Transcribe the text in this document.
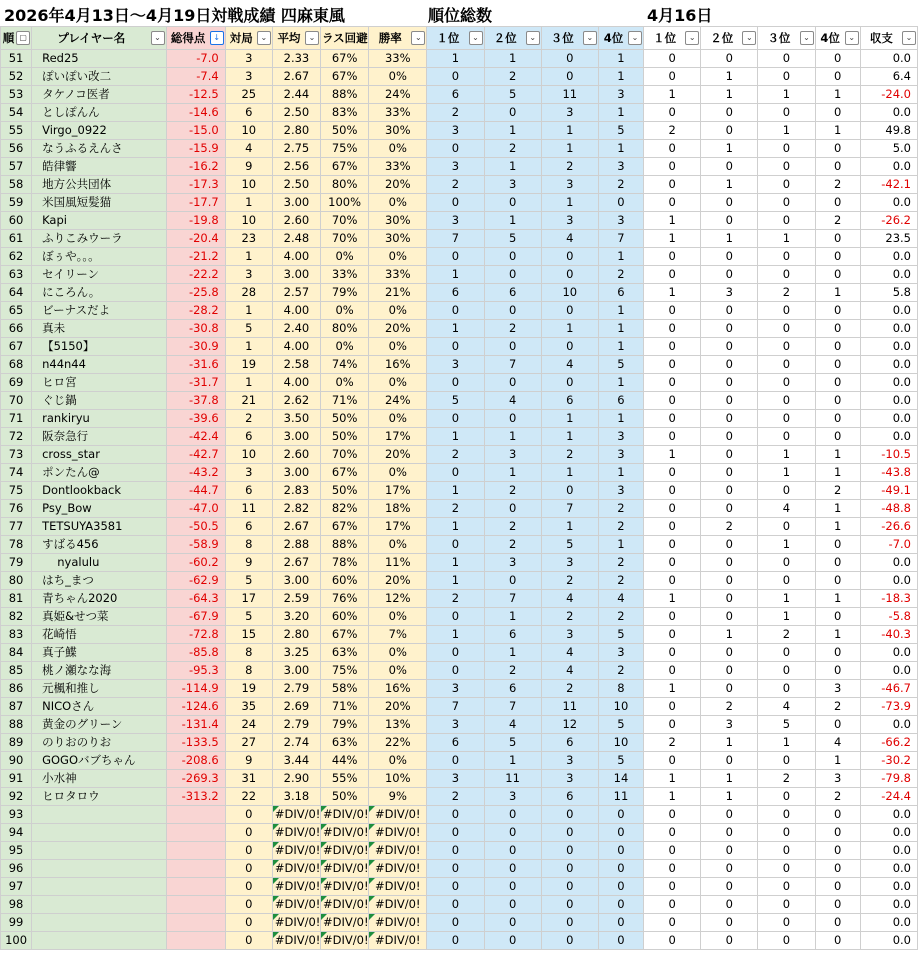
2026年4月13日～4月19日対戦成績 四麻東風	順位総数	4月16日
順 ▢	プレイヤー名 ⌄	総得点 ↓	対局 ⌄	平均 ⌄	ラス回避	勝率 ⌄	１位 ⌄	２位 ⌄	３位 ⌄	4位 ⌄	１位 ⌄	２位 ⌄	３位 ⌄	4位 ⌄	収支 ⌄

51	Red25	-7.0	3	2.33	67%	33%	1	1	0	1	0	0	0	0	0.0
52	ぽいぽい改二	-7.4	3	2.67	67%	0%	0	2	0	1	0	1	0	0	6.4
53	タケノコ医者	-12.5	25	2.44	88%	24%	6	5	11	3	1	1	1	1	-24.0
54	としぽんん	-14.6	6	2.50	83%	33%	2	0	3	1	0	0	0	0	0.0
55	Virgo_0922	-15.0	10	2.80	50%	30%	3	1	1	5	2	0	1	1	49.8
56	なうふるえんさ	-15.9	4	2.75	75%	0%	0	2	1	1	0	1	0	0	5.0
57	皓律響	-16.2	9	2.56	67%	33%	3	1	2	3	0	0	0	0	0.0
58	地方公共団体	-17.3	10	2.50	80%	20%	2	3	3	2	0	1	0	2	-42.1
59	米国風短髪猫	-17.7	1	3.00	100%	0%	0	0	1	0	0	0	0	0	0.0
60	Kapi	-19.8	10	2.60	70%	30%	3	1	3	3	1	0	0	2	-26.2
61	ふりこみウーラ	-20.4	23	2.48	70%	30%	7	5	4	7	1	1	1	0	23.5
62	ぼぅや｡｡｡	-21.2	1	4.00	0%	0%	0	0	0	1	0	0	0	0	0.0
63	セイリーン	-22.2	3	3.00	33%	33%	1	0	0	2	0	0	0	0	0.0
64	にころん。	-25.8	28	2.57	79%	21%	6	6	10	6	1	3	2	1	5.8
65	ビーナスだよ	-28.2	1	4.00	0%	0%	0	0	0	1	0	0	0	0	0.0
66	真未	-30.8	5	2.40	80%	20%	1	2	1	1	0	0	0	0	0.0
67	【5150】	-30.9	1	4.00	0%	0%	0	0	0	1	0	0	0	0	0.0
68	n44n44	-31.6	19	2.58	74%	16%	3	7	4	5	0	0	0	0	0.0
69	ヒロ宮	-31.7	1	4.00	0%	0%	0	0	0	1	0	0	0	0	0.0
70	ぐじ鍋	-37.8	21	2.62	71%	24%	5	4	6	6	0	0	0	0	0.0
71	rankiryu	-39.6	2	3.50	50%	0%	0	0	1	1	0	0	0	0	0.0
72	阪奈急行	-42.4	6	3.00	50%	17%	1	1	1	3	0	0	0	0	0.0
73	cross_star	-42.7	10	2.60	70%	20%	2	3	2	3	1	0	1	1	-10.5
74	ポンたん@	-43.2	3	3.00	67%	0%	0	1	1	1	0	0	1	1	-43.8
75	Dontlookback	-44.7	6	2.83	50%	17%	1	2	0	3	0	0	0	2	-49.1
76	Psy_Bow	-47.0	11	2.82	82%	18%	2	0	7	2	0	0	4	1	-48.8
77	TETSUYA3581	-50.5	6	2.67	67%	17%	1	2	1	2	0	2	0	1	-26.6
78	すばる456	-58.9	8	2.88	88%	0%	0	2	5	1	0	0	1	0	-7.0
79	　 nyalulu	-60.2	9	2.67	78%	11%	1	3	3	2	0	0	0	0	0.0
80	はち_まつ	-62.9	5	3.00	60%	20%	1	0	2	2	0	0	0	0	0.0
81	青ちゃん2020	-64.3	17	2.59	76%	12%	2	7	4	4	1	0	1	1	-18.3
82	真姫&せつ菜	-67.9	5	3.20	60%	0%	0	1	2	2	0	0	1	0	-5.8
83	花崎悟	-72.8	15	2.80	67%	7%	1	6	3	5	0	1	2	1	-40.3
84	真子鰈	-85.8	8	3.25	63%	0%	0	1	4	3	0	0	0	0	0.0
85	桃ノ瀬なな海	-95.3	8	3.00	75%	0%	0	2	4	2	0	0	0	0	0.0
86	元楓和推し	-114.9	19	2.79	58%	16%	3	6	2	8	1	0	0	3	-46.7
87	NICOさん	-124.6	35	2.69	71%	20%	7	7	11	10	0	2	4	2	-73.9
88	黄金のグリーン	-131.4	24	2.79	79%	13%	3	4	12	5	0	3	5	0	0.0
89	のりおのりお	-133.5	27	2.74	63%	22%	6	5	6	10	2	1	1	4	-66.2
90	GOGOバブちゃん	-208.6	9	3.44	44%	0%	0	1	3	5	0	0	0	1	-30.2
91	小水神	-269.3	31	2.90	55%	10%	3	11	3	14	1	1	2	3	-79.8
92	ヒロタロウ	-313.2	22	3.18	50%	9%	2	3	6	11	1	1	0	2	-24.4
93			0	#DIV/0!	#DIV/0!	#DIV/0!	0	0	0	0	0	0	0	0	0.0
94			0	#DIV/0!	#DIV/0!	#DIV/0!	0	0	0	0	0	0	0	0	0.0
95			0	#DIV/0!	#DIV/0!	#DIV/0!	0	0	0	0	0	0	0	0	0.0
96			0	#DIV/0!	#DIV/0!	#DIV/0!	0	0	0	0	0	0	0	0	0.0
97			0	#DIV/0!	#DIV/0!	#DIV/0!	0	0	0	0	0	0	0	0	0.0
98			0	#DIV/0!	#DIV/0!	#DIV/0!	0	0	0	0	0	0	0	0	0.0
99			0	#DIV/0!	#DIV/0!	#DIV/0!	0	0	0	0	0	0	0	0	0.0
100			0	#DIV/0!	#DIV/0!	#DIV/0!	0	0	0	0	0	0	0	0	0.0
